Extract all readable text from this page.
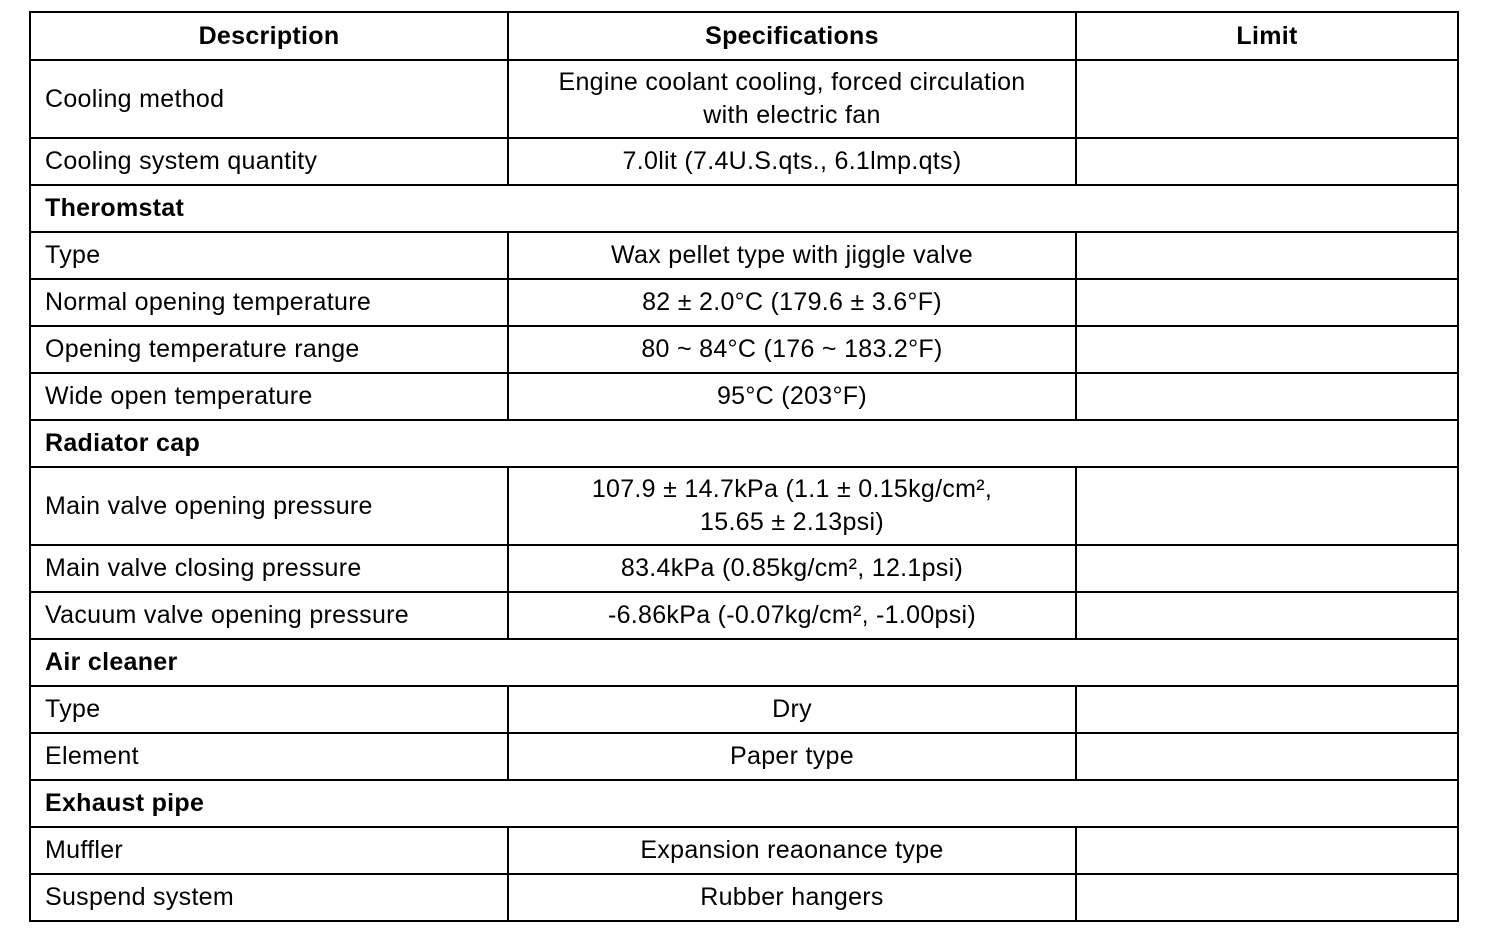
Description	Specifications	Limit
Cooling method	Engine coolant cooling, forced circulation
with electric fan	

Cooling system quantity	7.0lit (7.4U.S.qts., 6.1lmp.qts)	
Theromstat		
Type	Wax pellet type with jiggle valve	
Normal opening temperature	82 ± 2.0°C (179.6 ± 3.6°F)	
Opening temperature range	80 ~ 84°C (176 ~ 183.2°F)	
Wide open temperature	95°C (203°F)	
Radiator cap		
Main valve opening pressure	107.9 ± 14.7kPa (1.1 ± 0.15kg/cm²,
15.65 ± 2.13psi)	

Main valve closing pressure	83.4kPa (0.85kg/cm², 12.1psi)	
Vacuum valve opening pressure	-6.86kPa (-0.07kg/cm², -1.00psi)	
Air cleaner		
Type	Dry	
Element	Paper type	
Exhaust pipe		
Muffler	Expansion reaonance type	
Suspend system	Rubber hangers	
